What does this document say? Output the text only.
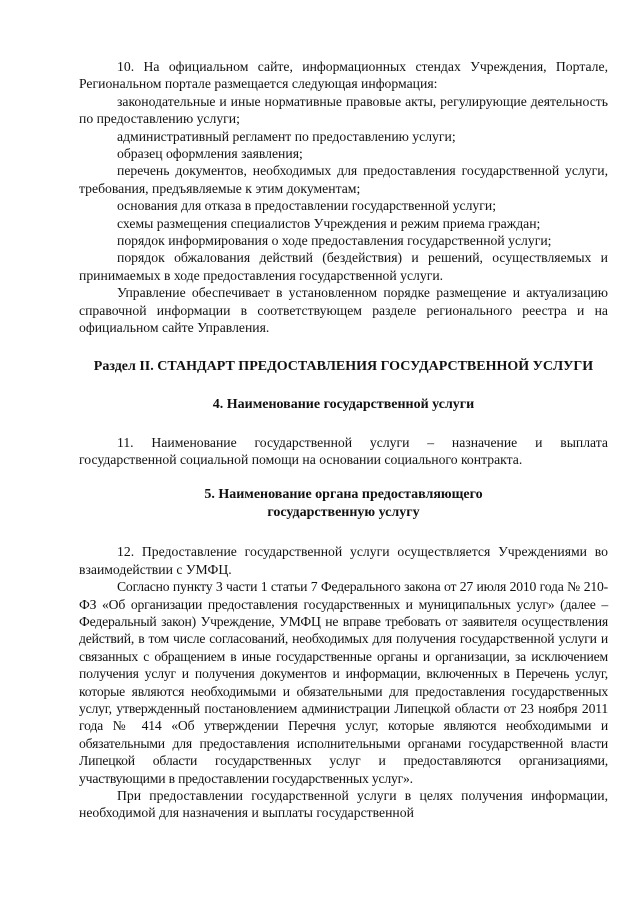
10. На официальном сайте, информационных стендах Учреждения, Портале, Региональном портале размещается следующая информация:

законодательные и иные нормативные правовые акты, регулирующие деятельность по предоставлению услуги;

административный регламент по предоставлению услуги;

образец оформления заявления;

перечень документов, необходимых для предоставления государственной услуги, требования, предъявляемые к этим документам;

основания для отказа в предоставлении государственной услуги;

схемы размещения специалистов Учреждения и режим приема граждан;

порядок информирования о ходе предоставления государственной услуги;

порядок обжалования действий (бездействия) и решений, осуществляемых и принимаемых в ходе предоставления государственной услуги.

Управление обеспечивает в установленном порядке размещение и актуализацию справочной информации в соответствующем разделе регионального реестра и на официальном сайте Управления.

Раздел II. СТАНДАРТ ПРЕДОСТАВЛЕНИЯ ГОСУДАРСТВЕННОЙ УСЛУГИ
4. Наименование государственной услуги

11. Наименование государственной услуги – назначение и выплата государственной социальной помощи на основании социального контракта.

5. Наименование органа предоставляющего
государственную услугу

12. Предоставление государственной услуги осуществляется Учреждениями во взаимодействии с УМФЦ.

Согласно пункту 3 части 1 статьи 7 Федерального закона от 27 июля 2010 года № 210-ФЗ «Об организации предоставления государственных и муниципальных услуг» (далее – Федеральный закон) Учреждение, УМФЦ не вправе требовать от заявителя осуществления действий, в том числе согласований, необходимых для получения государственной услуги и связанных с обращением в иные государственные органы и организации, за исключением получения услуг и получения документов и информации, включенных в Перечень услуг, которые являются необходимыми и обязательными для предоставления государственных услуг, утвержденный постановлением администрации Липецкой области от 23 ноября 2011 года № 414 «Об утверждении Перечня услуг, которые являются необходимыми и обязательными для предоставления исполнительными органами государственной власти Липецкой области государственных услуг и предоставляются организациями, участвующими в предоставлении государственных услуг».

При предоставлении государственной услуги в целях получения информации, необходимой для назначения и выплаты государственной
